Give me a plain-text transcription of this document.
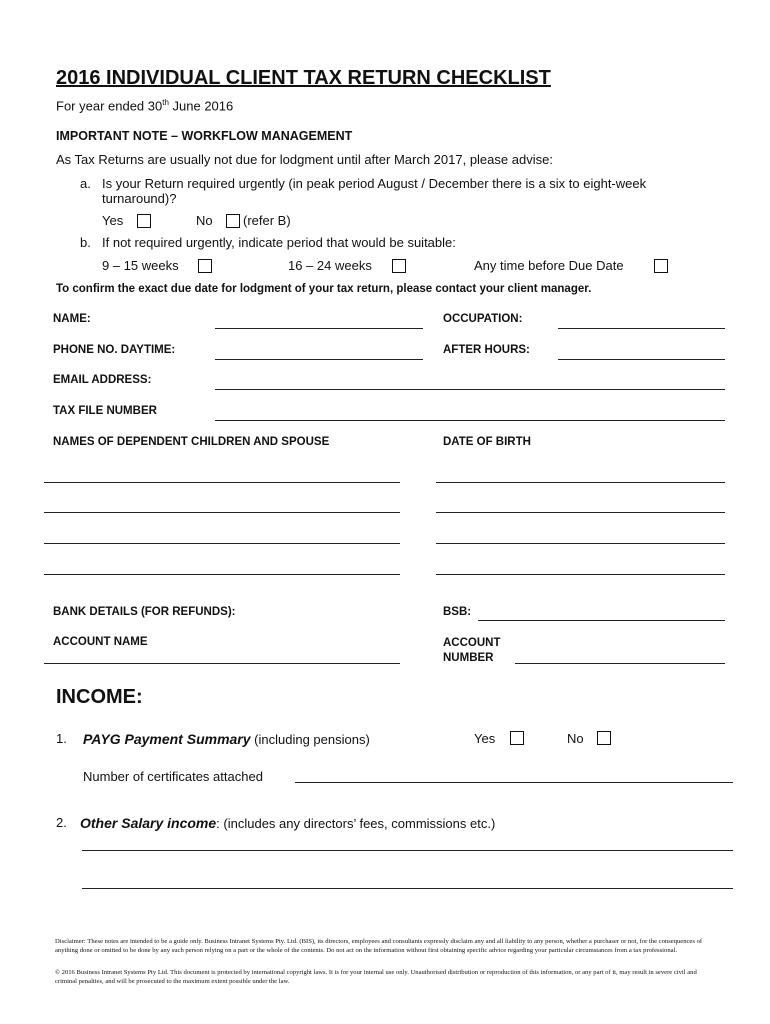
2016 INDIVIDUAL CLIENT TAX RETURN CHECKLIST
For year ended 30th June 2016
IMPORTANT NOTE – WORKFLOW MANAGEMENT
As Tax Returns are usually not due for lodgment until after March 2017, please advise:
a. Is your Return required urgently (in peak period August / December there is a six to eight-week
turnaround)?
Yes	No (refer B)
b. If not required urgently, indicate period that would be suitable:
9 – 15 weeks	16 – 24 weeks	Any time before Due Date
To confirm the exact due date for lodgment of your tax return, please contact your client manager.
NAME:	OCCUPATION:
PHONE NO. DAYTIME:	AFTER HOURS:
EMAIL ADDRESS:
TAX FILE NUMBER
NAMES OF DEPENDENT CHILDREN AND SPOUSE	DATE OF BIRTH
BANK DETAILS (FOR REFUNDS):	BSB:
ACCOUNT NAME	ACCOUNT
NUMBER
INCOME:
1. PAYG Payment Summary (including pensions)	Yes	No
Number of certificates attached
2. Other Salary income: (includes any directors’ fees, commissions etc.)
Disclaimer: These notes are intended to be a guide only. Business Intranet Systems Pty. Ltd. (BIS), its directors, employees and consultants expressly disclaim any and all liability to any person, whether a purchaser or not, for the consequences of anything done or omitted to be done by any such person relying on a part or the whole of the contents. Do not act on the information without first obtaining specific advice regarding your particular circumstances from a tax professional.
© 2016 Business Intranet Systems Pty Ltd. This document is protected by international copyright laws. It is for your internal use only. Unauthorised distribution or reproduction of this information, or any part of it, may result in severe civil and criminal penalties, and will be prosecuted to the maximum extent possible under the law.
